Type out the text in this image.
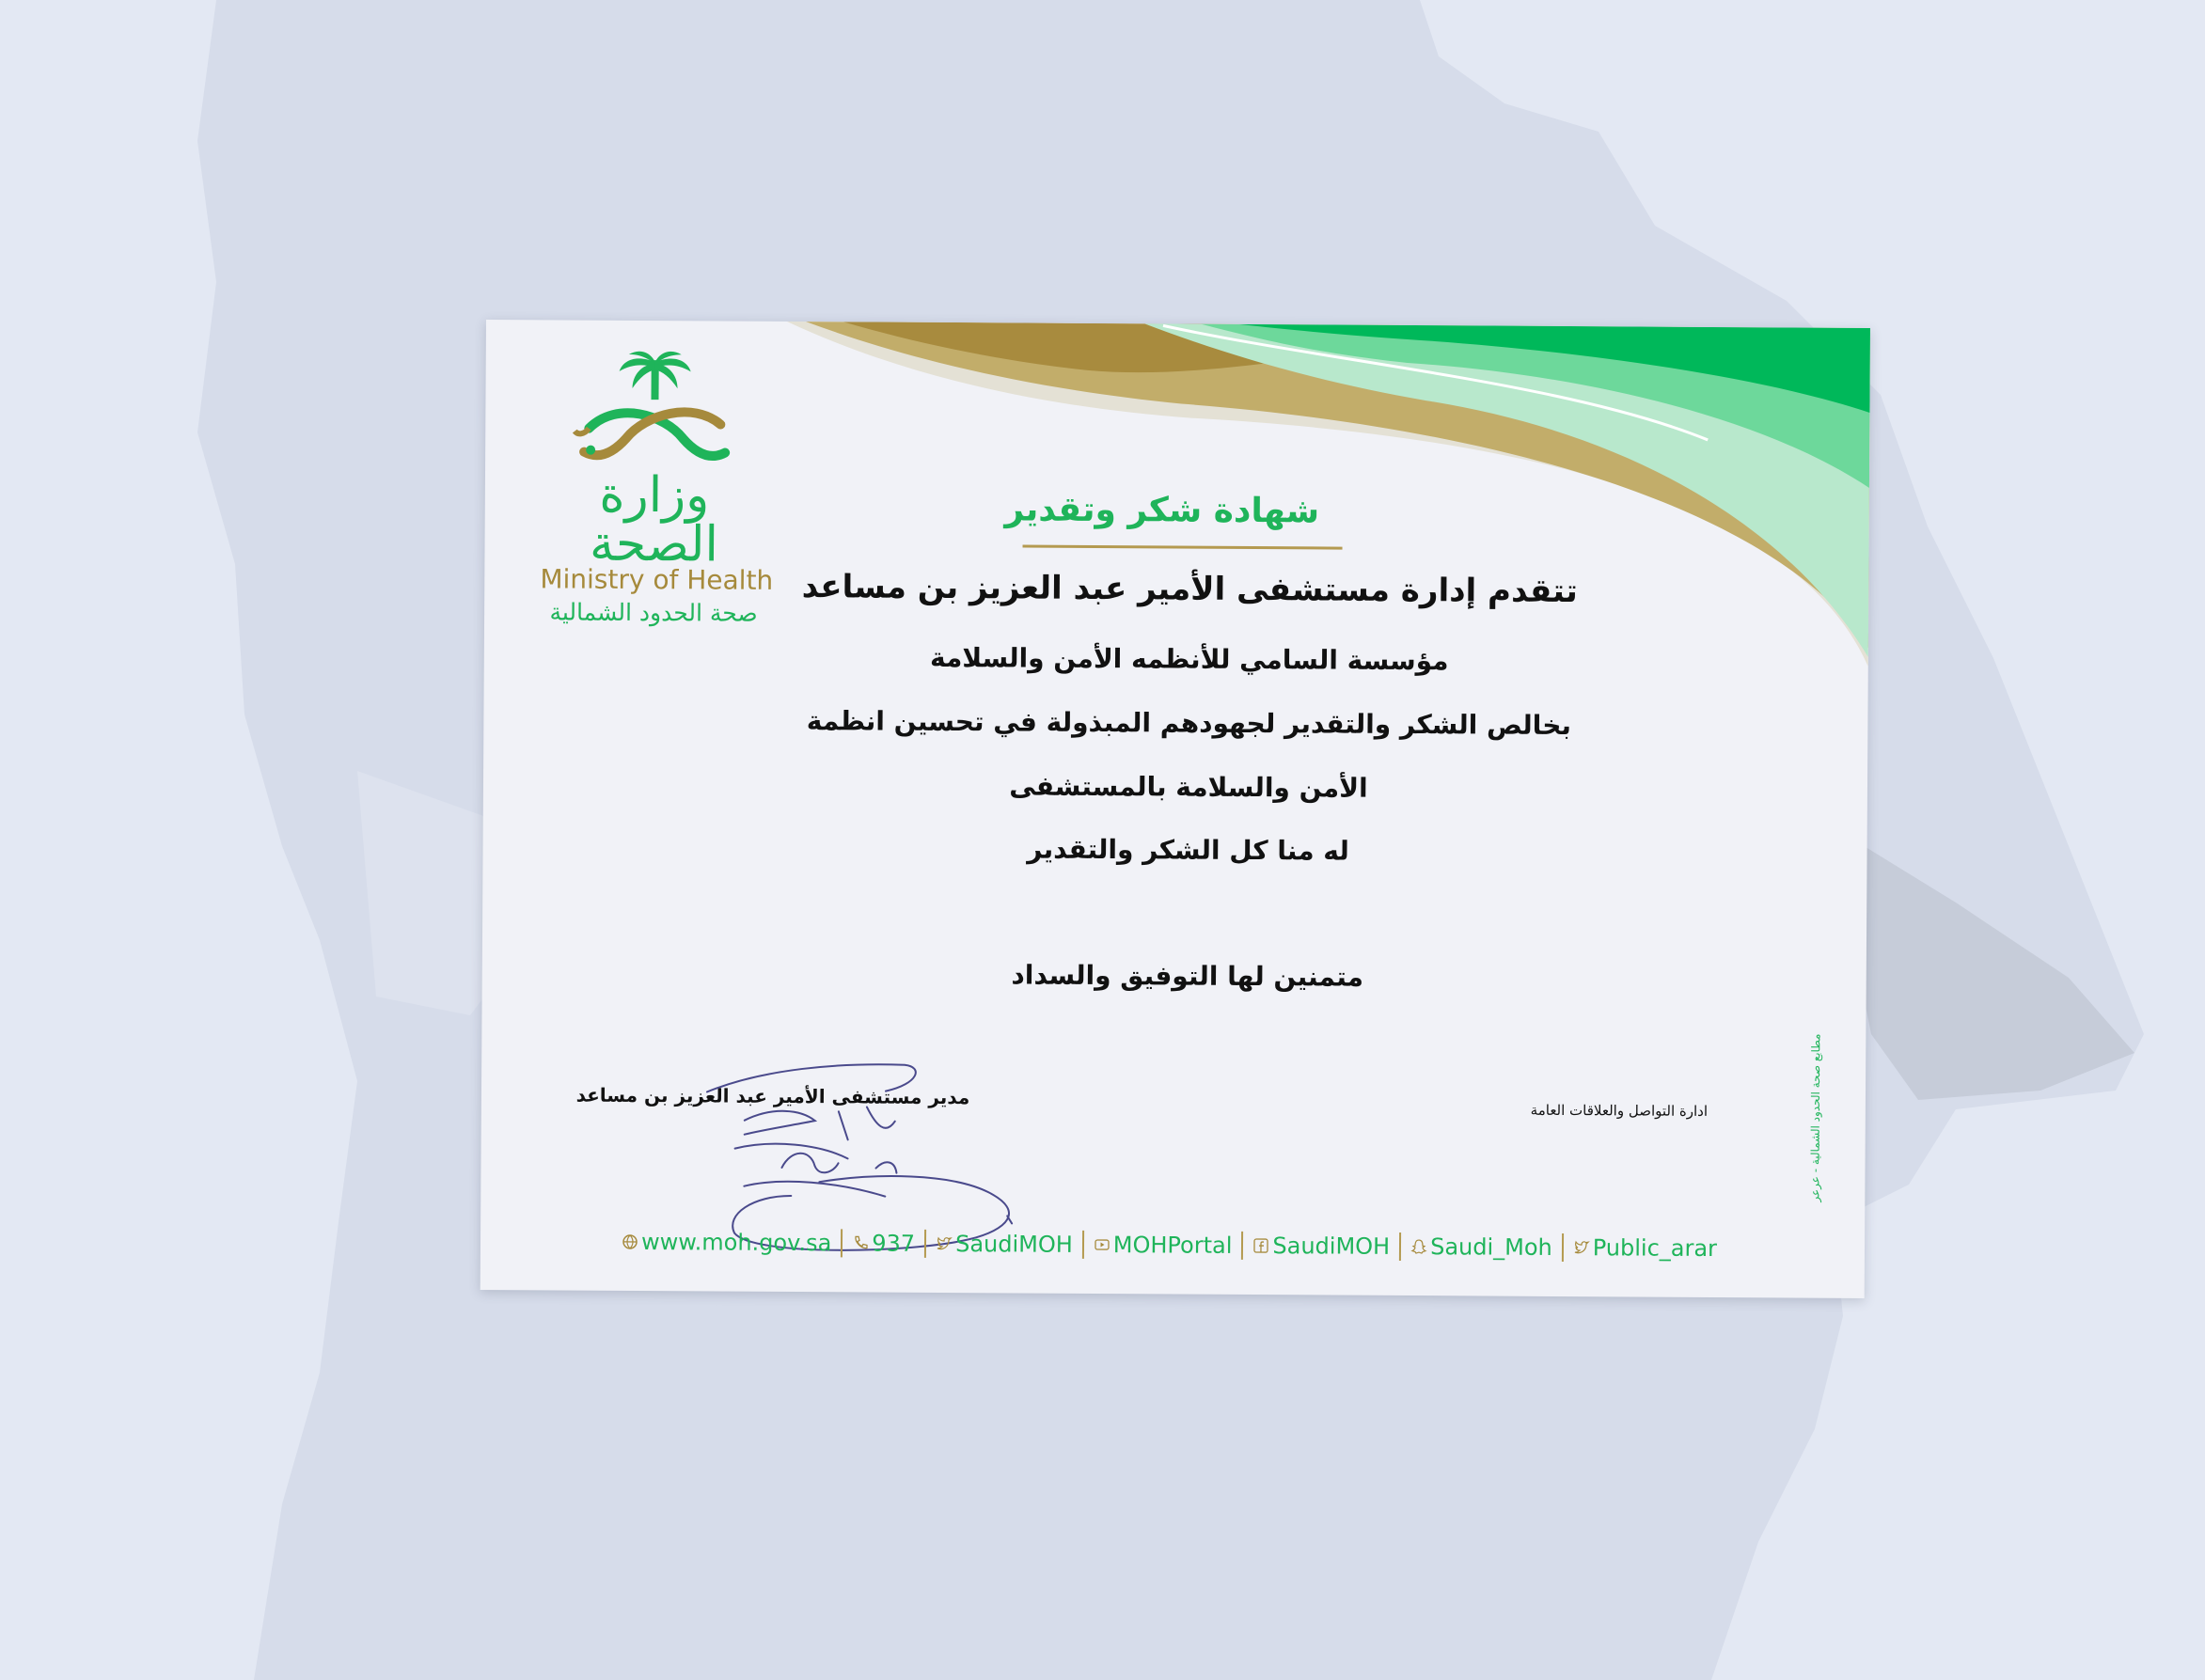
وزارة الصحة
Ministry of Health
صحة الحدود الشمالية
شهادة شكر وتقدير
تتقدم إدارة مستشفى الأمير عبد العزيز بن مساعد
مؤسسة السامي للأنظمه الأمن والسلامة
بخالص الشكر والتقدير لجهودهم المبذولة في تحسين انظمة
الأمن والسلامة بالمستشفى
له منا كل الشكر والتقدير
متمنين لها التوفيق والسداد
مدير مستشفى الأمير عبد العزيز بن مساعد
ادارة التواصل والعلاقات العامة	مطابع صحة الحدود الشمالية - عرعر
www.moh.gov.sa 937 SaudiMOH MOHPortal SaudiMOH Saudi_Moh Public_arar
